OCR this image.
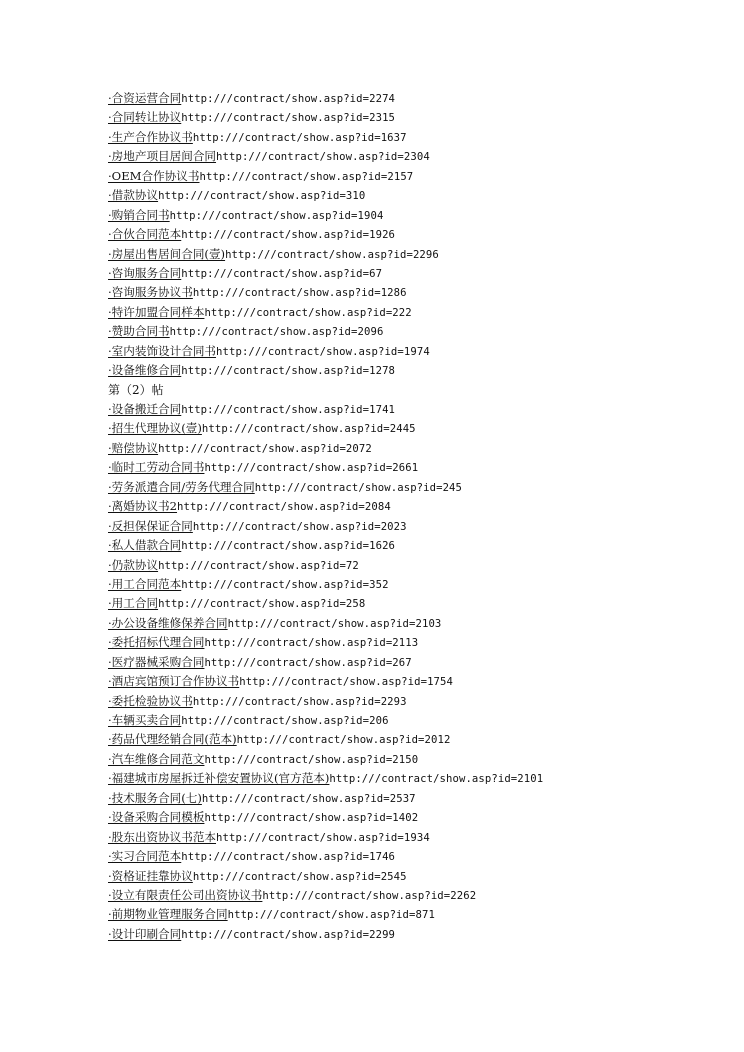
·合资运营合同http:///contract/show.asp?id=2274
·合同转让协议http:///contract/show.asp?id=2315
·生产合作协议书http:///contract/show.asp?id=1637
·房地产项目居间合同http:///contract/show.asp?id=2304
·OEM合作协议书http:///contract/show.asp?id=2157
·借款协议http:///contract/show.asp?id=310
·购销合同书http:///contract/show.asp?id=1904
·合伙合同范本http:///contract/show.asp?id=1926
·房屋出售居间合同(壹)http:///contract/show.asp?id=2296
·咨询服务合同http:///contract/show.asp?id=67
·咨询服务协议书http:///contract/show.asp?id=1286
·特许加盟合同样本http:///contract/show.asp?id=222
·赞助合同书http:///contract/show.asp?id=2096
·室内装饰设计合同书http:///contract/show.asp?id=1974
·设备维修合同http:///contract/show.asp?id=1278
第（2）帖
·设备搬迁合同http:///contract/show.asp?id=1741
·招生代理协议(壹)http:///contract/show.asp?id=2445
·赔偿协议http:///contract/show.asp?id=2072
·临时工劳动合同书http:///contract/show.asp?id=2661
·劳务派遣合同/劳务代理合同http:///contract/show.asp?id=245
·离婚协议书2http:///contract/show.asp?id=2084
·反担保保证合同http:///contract/show.asp?id=2023
·私人借款合同http:///contract/show.asp?id=1626
·仍款协议http:///contract/show.asp?id=72
·用工合同范本http:///contract/show.asp?id=352
·用工合同http:///contract/show.asp?id=258
·办公设备维修保养合同http:///contract/show.asp?id=2103
·委托招标代理合同http:///contract/show.asp?id=2113
·医疗器械采购合同http:///contract/show.asp?id=267
·酒店宾馆预订合作协议书http:///contract/show.asp?id=1754
·委托检验协议书http:///contract/show.asp?id=2293
·车辆买卖合同http:///contract/show.asp?id=206
·药品代理经销合同(范本)http:///contract/show.asp?id=2012
·汽车维修合同范文http:///contract/show.asp?id=2150
·福建城市房屋拆迁补偿安置协议(官方范本)http:///contract/show.asp?id=2101
·技术服务合同(七)http:///contract/show.asp?id=2537
·设备采购合同模板http:///contract/show.asp?id=1402
·股东出资协议书范本http:///contract/show.asp?id=1934
·实习合同范本http:///contract/show.asp?id=1746
·资格证挂靠协议http:///contract/show.asp?id=2545
·设立有限责任公司出资协议书http:///contract/show.asp?id=2262
·前期物业管理服务合同http:///contract/show.asp?id=871
·设计印刷合同http:///contract/show.asp?id=2299
